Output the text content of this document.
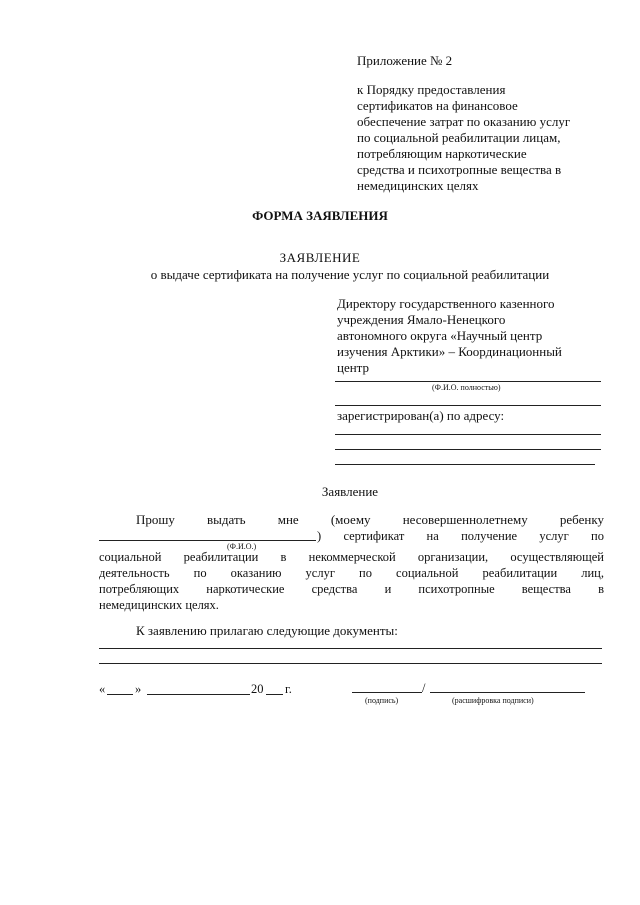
Приложение № 2
к Порядку предоставления
сертификатов на финансовое
обеспечение затрат по оказанию услуг
по социальной реабилитации лицам,
потребляющим наркотические
средства и психотропные вещества в
немедицинских целях
ФОРМА ЗАЯВЛЕНИЯ
ЗАЯВЛЕНИЕ
о выдаче сертификата на получение услуг по социальной реабилитации
Директору государственного казенного
учреждения Ямало-Ненецкого
автономного округа «Научный центр
изучения Арктики» – Координационный
центр
(Ф.И.О. полностью)
зарегистрирован(а) по адресу:
Заявление
Прошу выдать мне (моему несовершеннолетнему ребенку
) сертификат на получение услуг по
(Ф.И.О.)
социальной реабилитации в некоммерческой организации, осуществляющей
деятельность по оказанию услуг по социальной реабилитации лиц,
потребляющих наркотические средства и психотропные вещества в
немедицинских целях.
К заявлению прилагаю следующие документы:
« »	20 г.	/
(подпись)	(расшифровка подписи)
